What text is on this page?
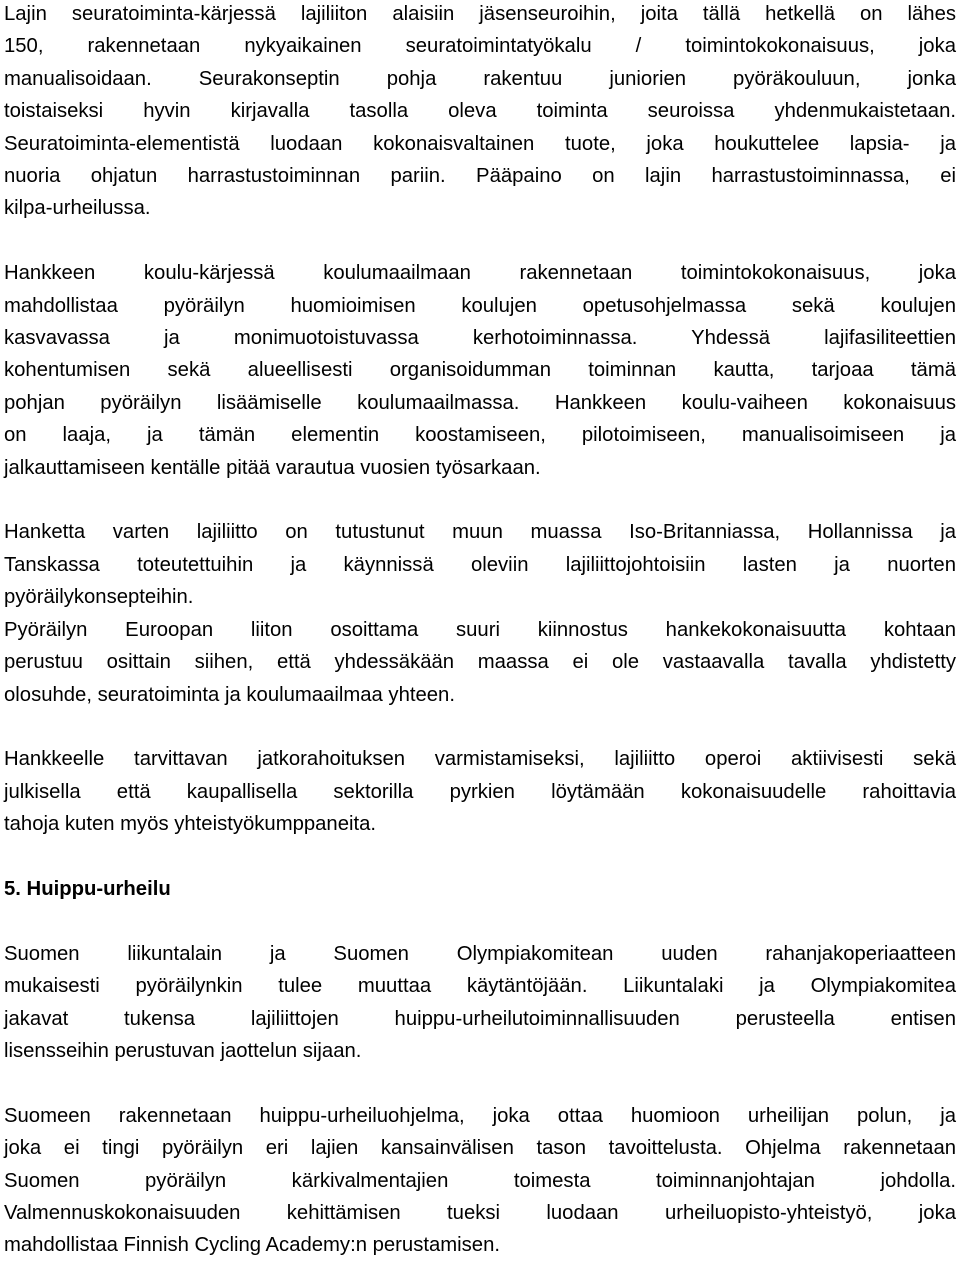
Lajin seuratoiminta-kärjessä lajiliiton alaisiin jäsenseuroihin, joita tällä hetkellä on lähes
150, rakennetaan nykyaikainen seuratoimintatyökalu / toimintokokonaisuus, joka
manualisoidaan. Seurakonseptin pohja rakentuu juniorien pyöräkouluun, jonka
toistaiseksi hyvin kirjavalla tasolla oleva toiminta seuroissa yhdenmukaistetaan.
Seuratoiminta-elementistä luodaan kokonaisvaltainen tuote, joka houkuttelee lapsia- ja
nuoria ohjatun harrastustoiminnan pariin. Pääpaino on lajin harrastustoiminnassa, ei
kilpa-urheilussa.
Hankkeen koulu-kärjessä koulumaailmaan rakennetaan toimintokokonaisuus, joka
mahdollistaa pyöräilyn huomioimisen koulujen opetusohjelmassa sekä koulujen
kasvavassa ja monimuotoistuvassa kerhotoiminnassa. Yhdessä lajifasiliteettien
kohentumisen sekä alueellisesti organisoidumman toiminnan kautta, tarjoaa tämä
pohjan pyöräilyn lisäämiselle koulumaailmassa. Hankkeen koulu-vaiheen kokonaisuus
on laaja, ja tämän elementin koostamiseen, pilotoimiseen, manualisoimiseen ja
jalkauttamiseen kentälle pitää varautua vuosien työsarkaan.
Hanketta varten lajiliitto on tutustunut muun muassa Iso-Britanniassa, Hollannissa ja
Tanskassa toteutettuihin ja käynnissä oleviin lajiliittojohtoisiin lasten ja nuorten
pyöräilykonsepteihin.
Pyöräilyn Euroopan liiton osoittama suuri kiinnostus hankekokonaisuutta kohtaan
perustuu osittain siihen, että yhdessäkään maassa ei ole vastaavalla tavalla yhdistetty
olosuhde, seuratoiminta ja koulumaailmaa yhteen.
Hankkeelle tarvittavan jatkorahoituksen varmistamiseksi, lajiliitto operoi aktiivisesti sekä
julkisella että kaupallisella sektorilla pyrkien löytämään kokonaisuudelle rahoittavia
tahoja kuten myös yhteistyökumppaneita.
5. Huippu-urheilu
Suomen liikuntalain ja Suomen Olympiakomitean uuden rahanjakoperiaatteen
mukaisesti pyöräilynkin tulee muuttaa käytäntöjään. Liikuntalaki ja Olympiakomitea
jakavat tukensa lajiliittojen huippu-urheilutoiminnallisuuden perusteella entisen
lisensseihin perustuvan jaottelun sijaan.
Suomeen rakennetaan huippu-urheiluohjelma, joka ottaa huomioon urheilijan polun, ja
joka ei tingi pyöräilyn eri lajien kansainvälisen tason tavoittelusta. Ohjelma rakennetaan
Suomen pyöräilyn kärkivalmentajien toimesta toiminnanjohtajan johdolla.
Valmennuskokonaisuuden kehittämisen tueksi luodaan urheiluopisto-yhteistyö, joka
mahdollistaa Finnish Cycling Academy:n perustamisen.
